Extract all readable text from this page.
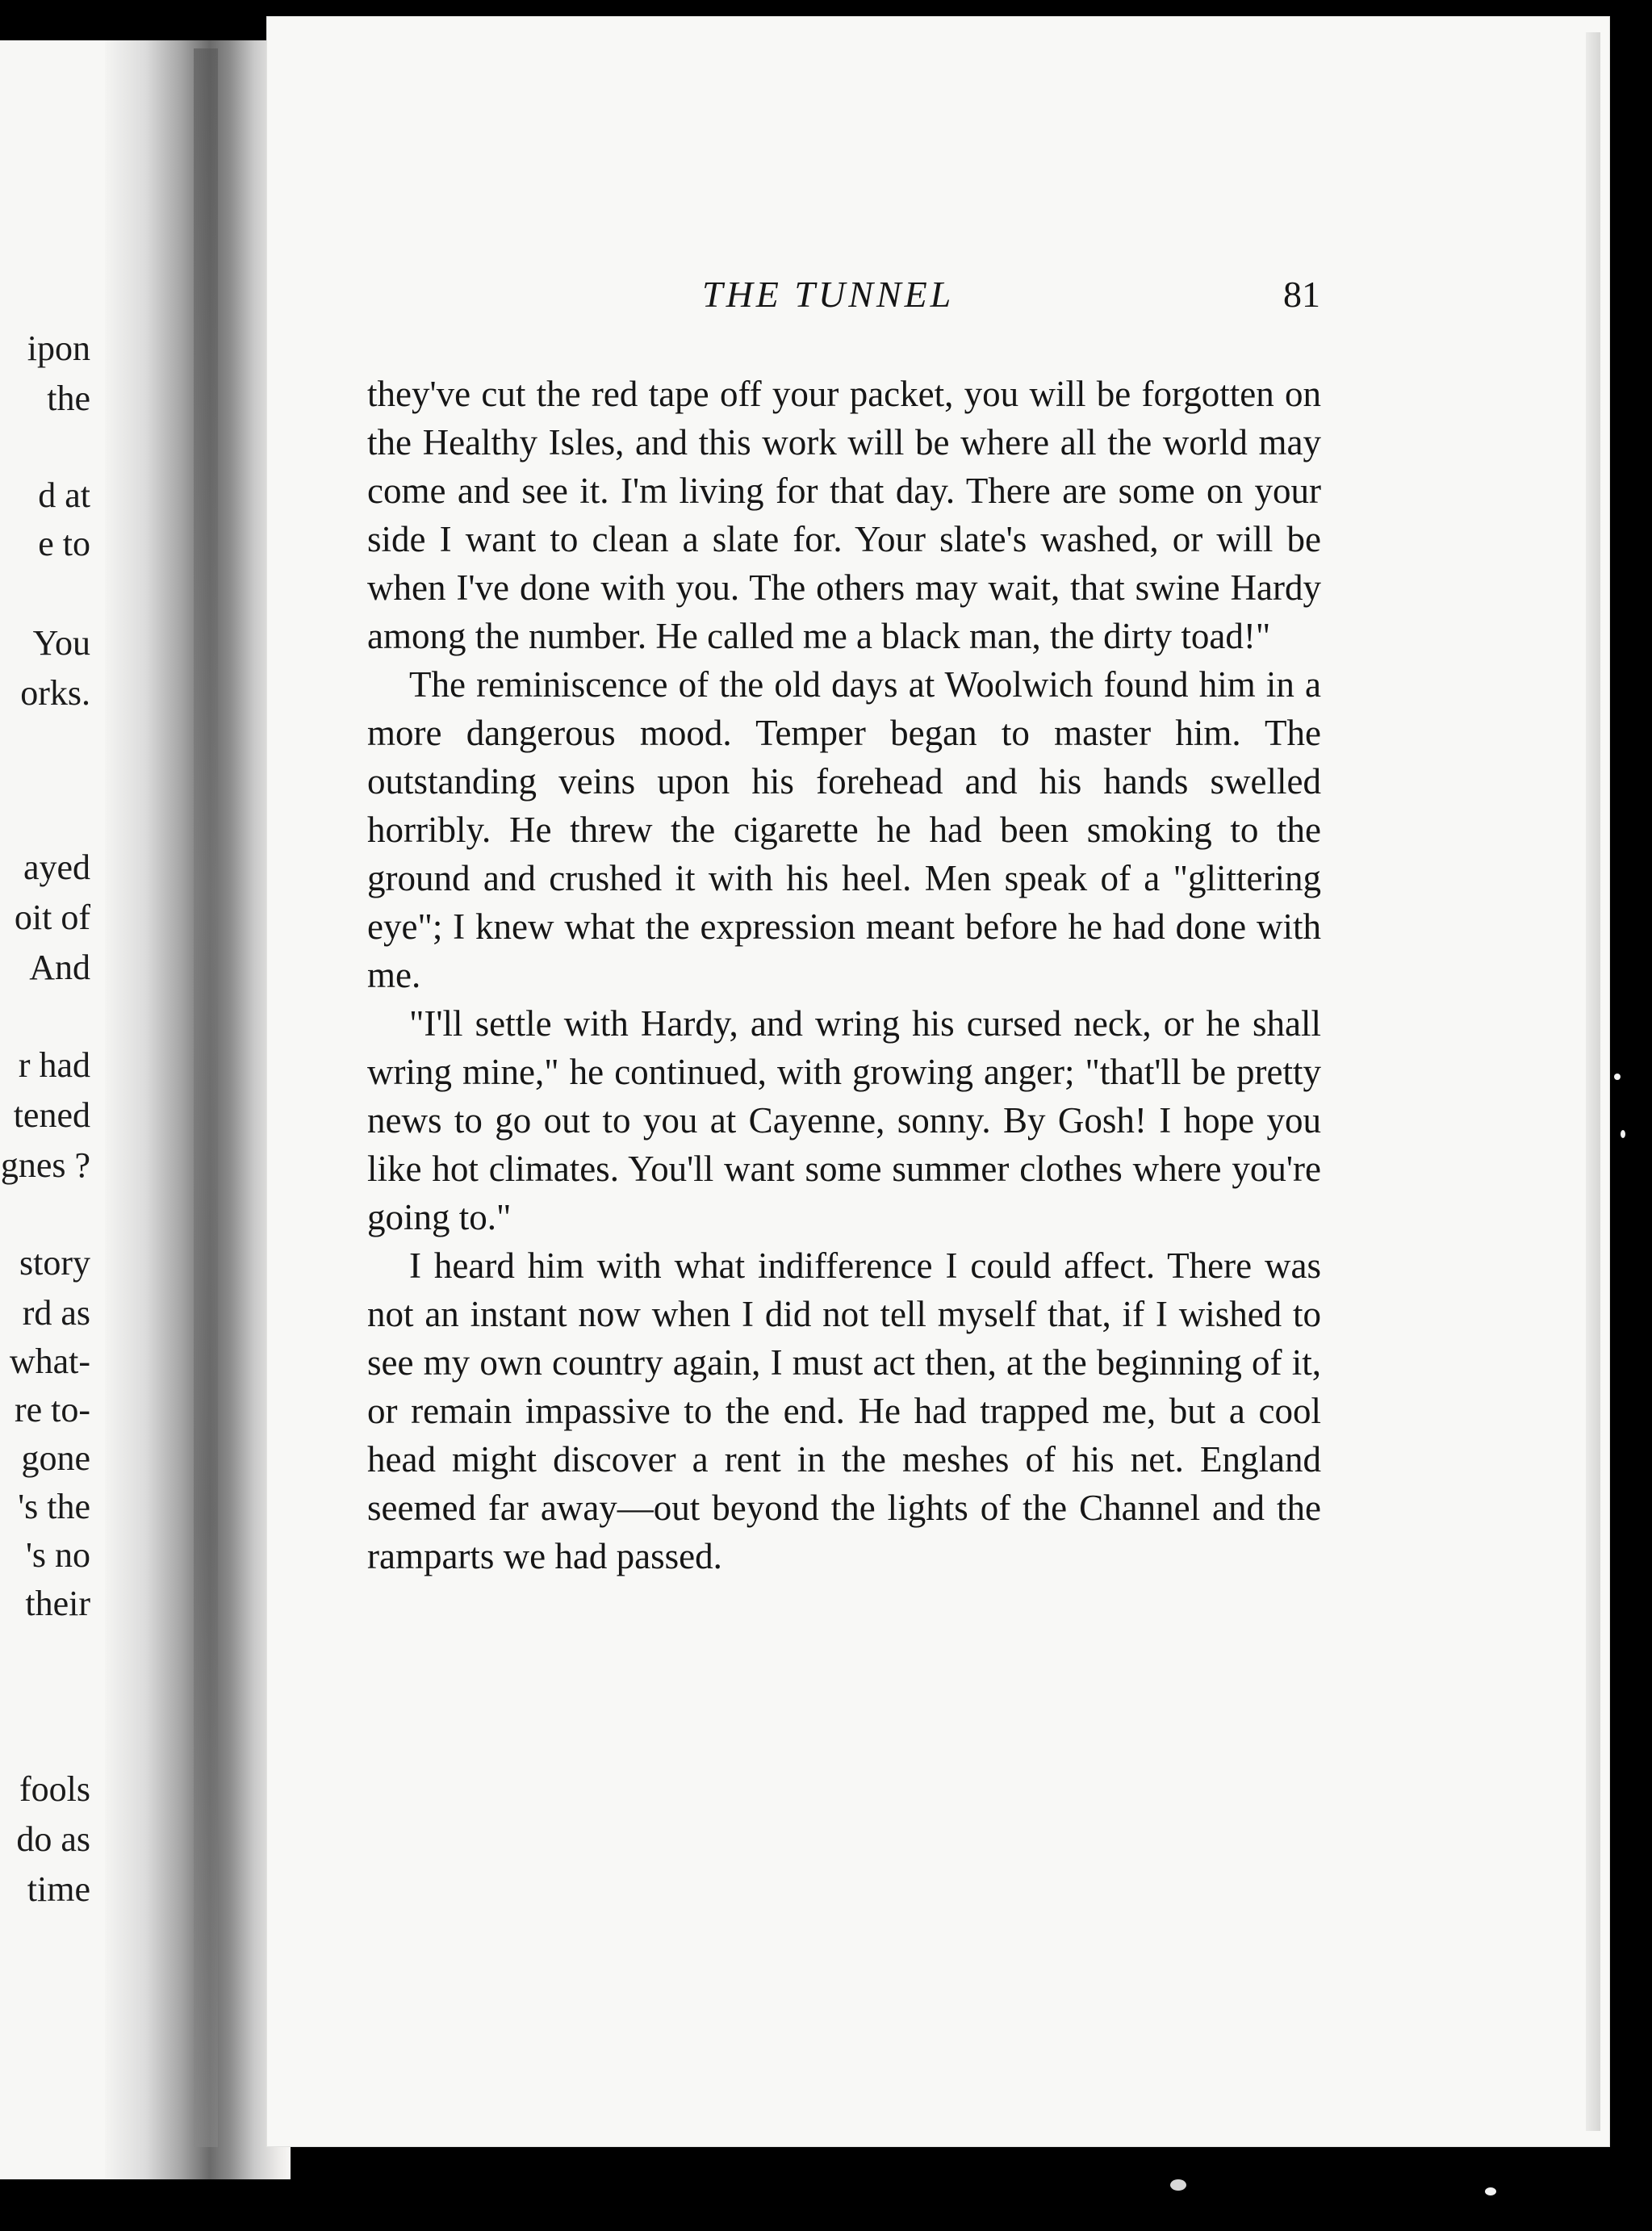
ipon
the
d at
e to
You
orks.
ayed
oit of
And
r had
tened
gnes ?
story
rd as
what-
re to-
gone
's the
's no
their
fools
do as
time
THE TUNNEL	81

they've cut the red tape off your packet, you will be forgotten on the Healthy Isles, and this work will be where all the world may come and see it. I'm living for that day. There are some on your side I want to clean a slate for. Your slate's washed, or will be when I've done with you. The others may wait, that swine Hardy among the number. He called me a black man, the dirty toad!"

The reminiscence of the old days at Woolwich found him in a more dangerous mood. Temper began to master him. The outstanding veins upon his forehead and his hands swelled horribly. He threw the cigarette he had been smoking to the ground and crushed it with his heel. Men speak of a "glittering eye"; I knew what the expression meant before he had done with me.

"I'll settle with Hardy, and wring his cursed neck, or he shall wring mine," he continued, with growing anger; "that'll be pretty news to go out to you at Cayenne, sonny. By Gosh! I hope you like hot climates. You'll want some summer clothes where you're going to."

I heard him with what indifference I could affect. There was not an instant now when I did not tell myself that, if I wished to see my own country again, I must act then, at the beginning of it, or remain impassive to the end. He had trapped me, but a cool head might discover a rent in the meshes of his net. England seemed far away—out beyond the lights of the Channel and the ramparts we had passed.
